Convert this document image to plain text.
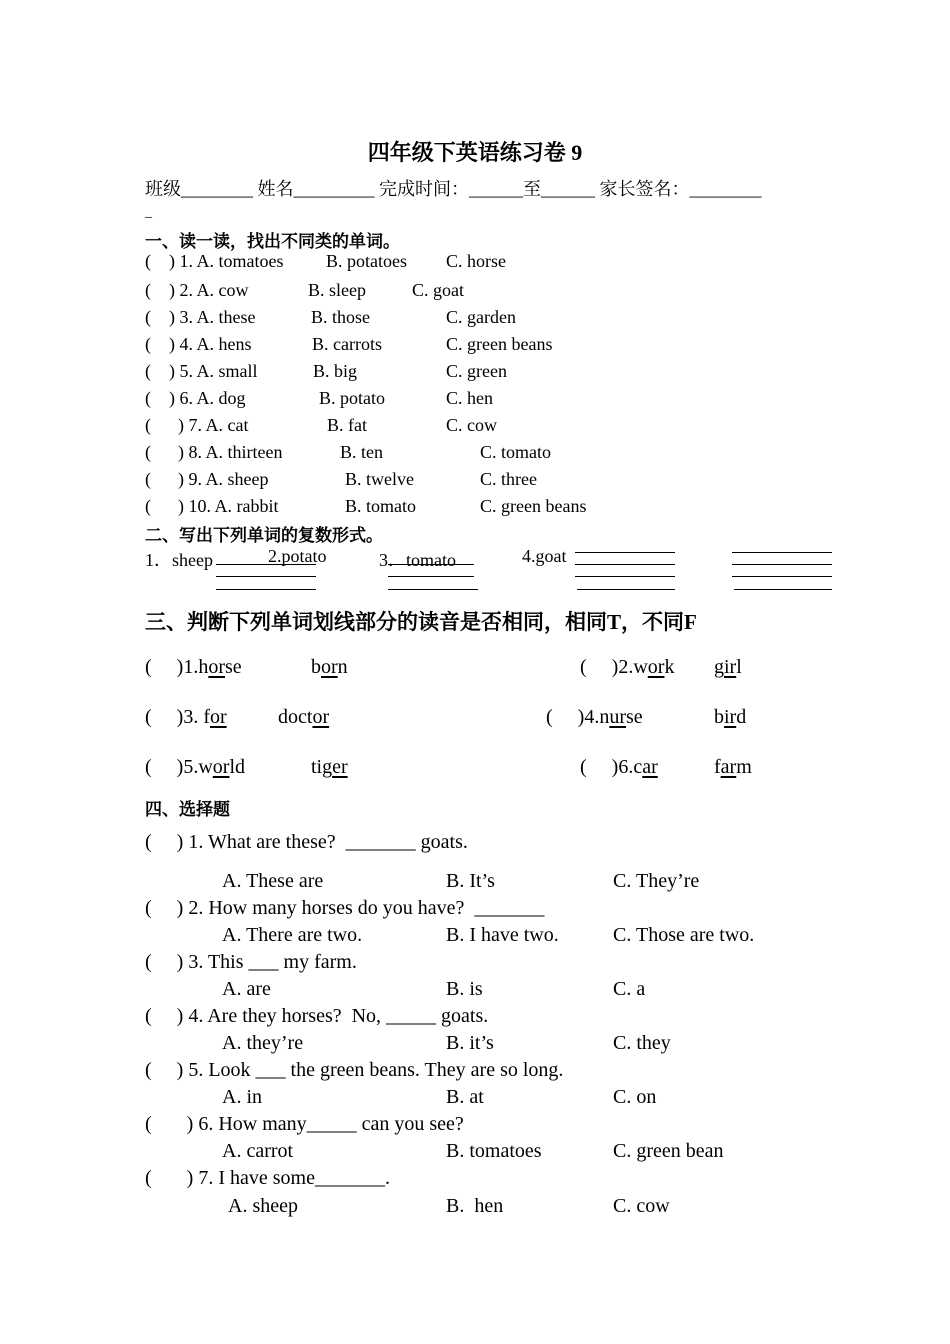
四年级下英语练习卷 9
班级________ 姓名_________ 完成时间：______至______ 家长签名：________
_
一、读一读，找出不同类的单词。
(    ) 1. A. tomatoes B. potatoes C. horse
(    ) 2. A. cow	B. sleep	C. goat
(    ) 3. A. these	B. those	C. garden
(    ) 4. A. hens	B. carrots	C. green beans
(    ) 5. A. small	B. big	C. green
(    ) 6. A. dog	B. potato	C. hen
(      ) 7. A. cat	B. fat	C. cow
(      ) 8. A. thirteen	B. ten	C. tomato
(      ) 9. A. sheep	B. twelve	C. three
(      ) 10. A. rabbit	B. tomato	C. green beans
二、写出下列单词的复数形式。
1．sheep	2.potato	3．tomato	4.goat
三、判断下列单词划线部分的读音是否相同，相同T，不同F
(     )1.horse	born	(     )2.work girl
(     )3. for	doctor	(     )4.nurse	bird
(     )5.world	tiger	(     )6.car	farm
四、选择题
(     ) 1. What are these?  _______ goats.
A. These are	B. It’s	C. They’re
(     ) 2. How many horses do you have?  _______
A. There are two.	B. I have two.	C. Those are two.
(     ) 3. This ___ my farm.
A. are	B. is	C. a
(     ) 4. Are they horses?  No, _____ goats.
A. they’re	B. it’s	C. they
(     ) 5. Look ___ the green beans. They are so long.
A. in	B. at	C. on
(       ) 6. How many_____ can you see?
A. carrot	B. tomatoes	C. green bean
(       ) 7. I have some_______.
A. sheep	B.  hen	C. cow
